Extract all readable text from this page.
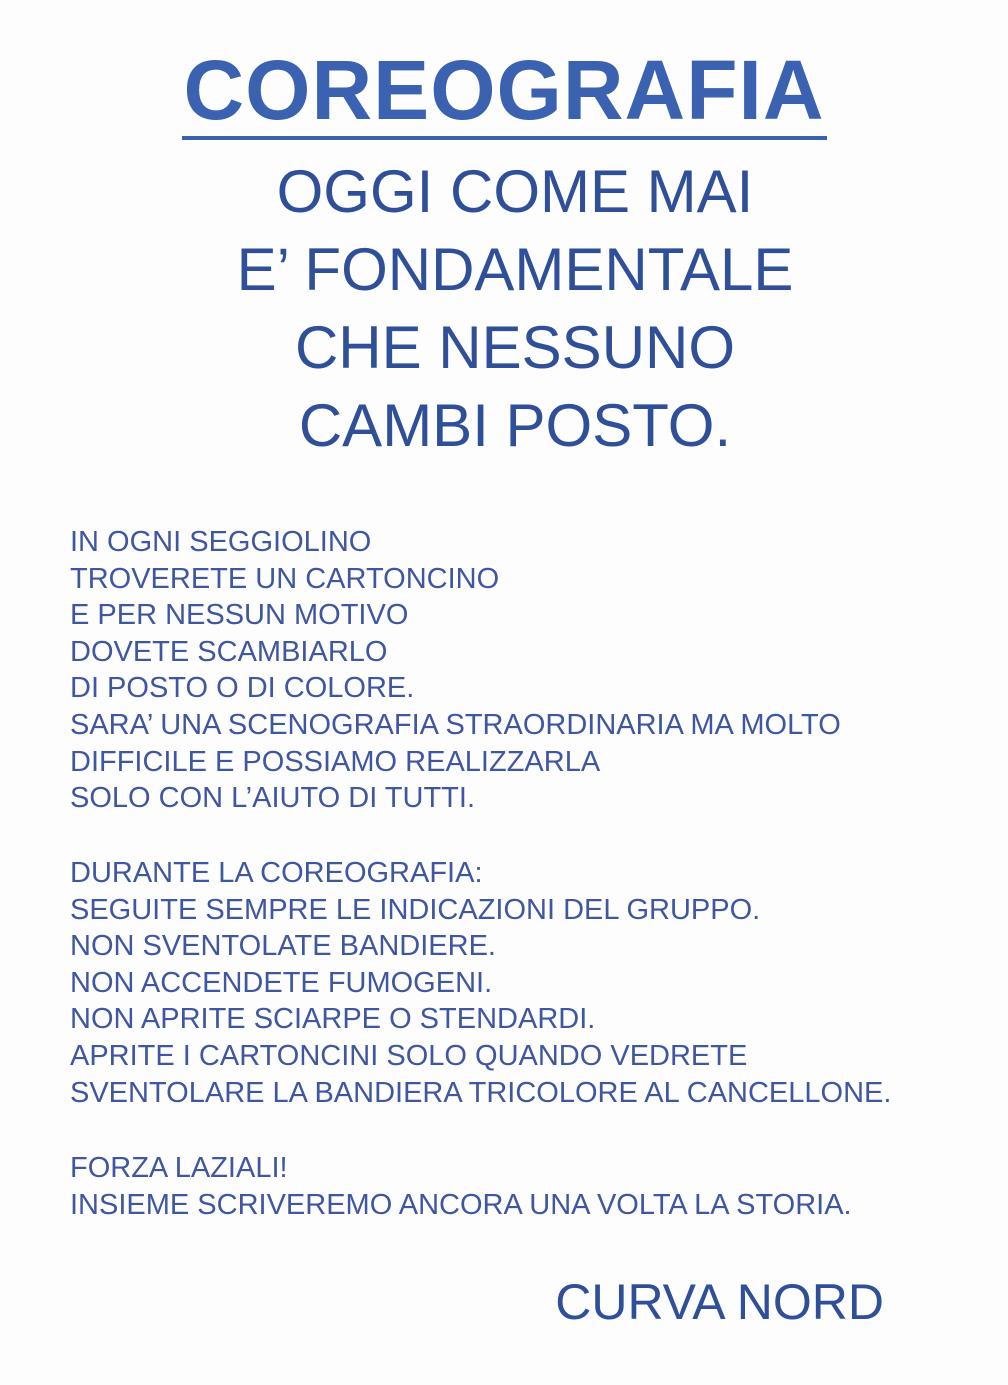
COREOGRAFIA
OGGI COME MAI
E’ FONDAMENTALE
CHE NESSUNO
CAMBI POSTO.
IN OGNI SEGGIOLINO
TROVERETE UN CARTONCINO
E PER NESSUN MOTIVO
DOVETE SCAMBIARLO
DI POSTO O DI COLORE.
SARA’ UNA SCENOGRAFIA STRAORDINARIA MA MOLTO
DIFFICILE E POSSIAMO REALIZZARLA
SOLO CON L’AIUTO DI TUTTI.
DURANTE LA COREOGRAFIA:
SEGUITE SEMPRE LE INDICAZIONI DEL GRUPPO.
NON SVENTOLATE BANDIERE.
NON ACCENDETE FUMOGENI.
NON APRITE SCIARPE O STENDARDI.
APRITE I CARTONCINI SOLO QUANDO VEDRETE
SVENTOLARE LA BANDIERA TRICOLORE AL CANCELLONE.
FORZA LAZIALI!
INSIEME SCRIVEREMO ANCORA UNA VOLTA LA STORIA.
CURVA NORD
